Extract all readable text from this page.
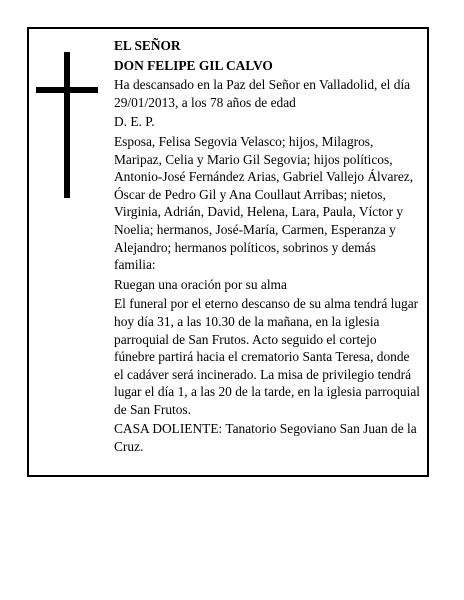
EL SEÑOR

DON FELIPE GIL CALVO

Ha descansado en la Paz del Señor en Valladolid, el día 29/01/2013, a los 78 años de edad

D. E. P.

Esposa, Felisa Segovia Velasco; hijos, Milagros, Maripaz, Celia y Mario Gil Segovia; hijos políticos, Antonio-José Fernández Arias, Gabriel Vallejo Álvarez, Óscar de Pedro Gil y Ana Coullaut Arribas; nietos, Virginia, Adrián, David, Helena, Lara, Paula, Víctor y Noelia; hermanos, José-María, Carmen, Esperanza y Alejandro; hermanos políticos, sobrinos y demás familia:

Ruegan una oración por su alma

El funeral por el eterno descanso de su alma tendrá lugar hoy día 31, a las 10.30 de la mañana, en la iglesia parroquial de San Frutos. Acto seguido el cortejo fúnebre partirá hacia el crematorio Santa Teresa, donde el cadáver será incinerado. La misa de privilegio tendrá lugar el día 1, a las 20 de la tarde, en la iglesia parroquial de San Frutos.

CASA DOLIENTE: Tanatorio Segoviano San Juan de la Cruz.
